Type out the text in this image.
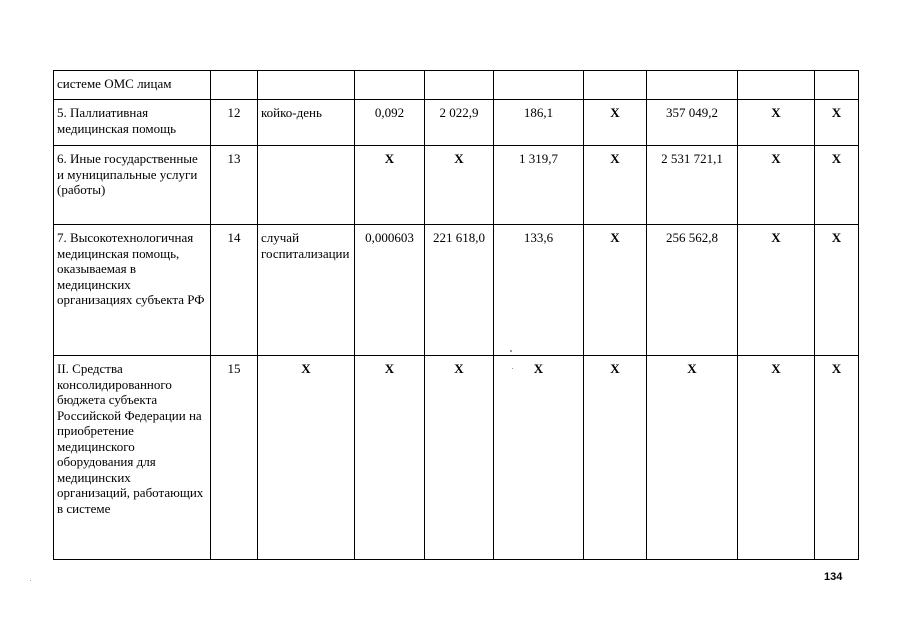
системе ОМС лицам									
5. Паллиативная медицинская помощь	12	койко-день	0,092	2 022,9	186,1	X	357 049,2	X	X
6. Иные государственные и муниципальные услуги (работы)	13		X	X	1 319,7	X	2 531 721,1	X	X
7. Высокотехнологичная медицинская помощь, оказываемая в медицинских организациях субъекта РФ	14	случай госпитализации	0,000603	221 618,0	133,6	X	256 562,8	X	X
II. Средства консолидированного бюджета субъекта Российской Федерации на приобретение медицинского оборудования для медицинских организаций, работающих в системе	15	X	X	X	X	X	X	X	X
134
